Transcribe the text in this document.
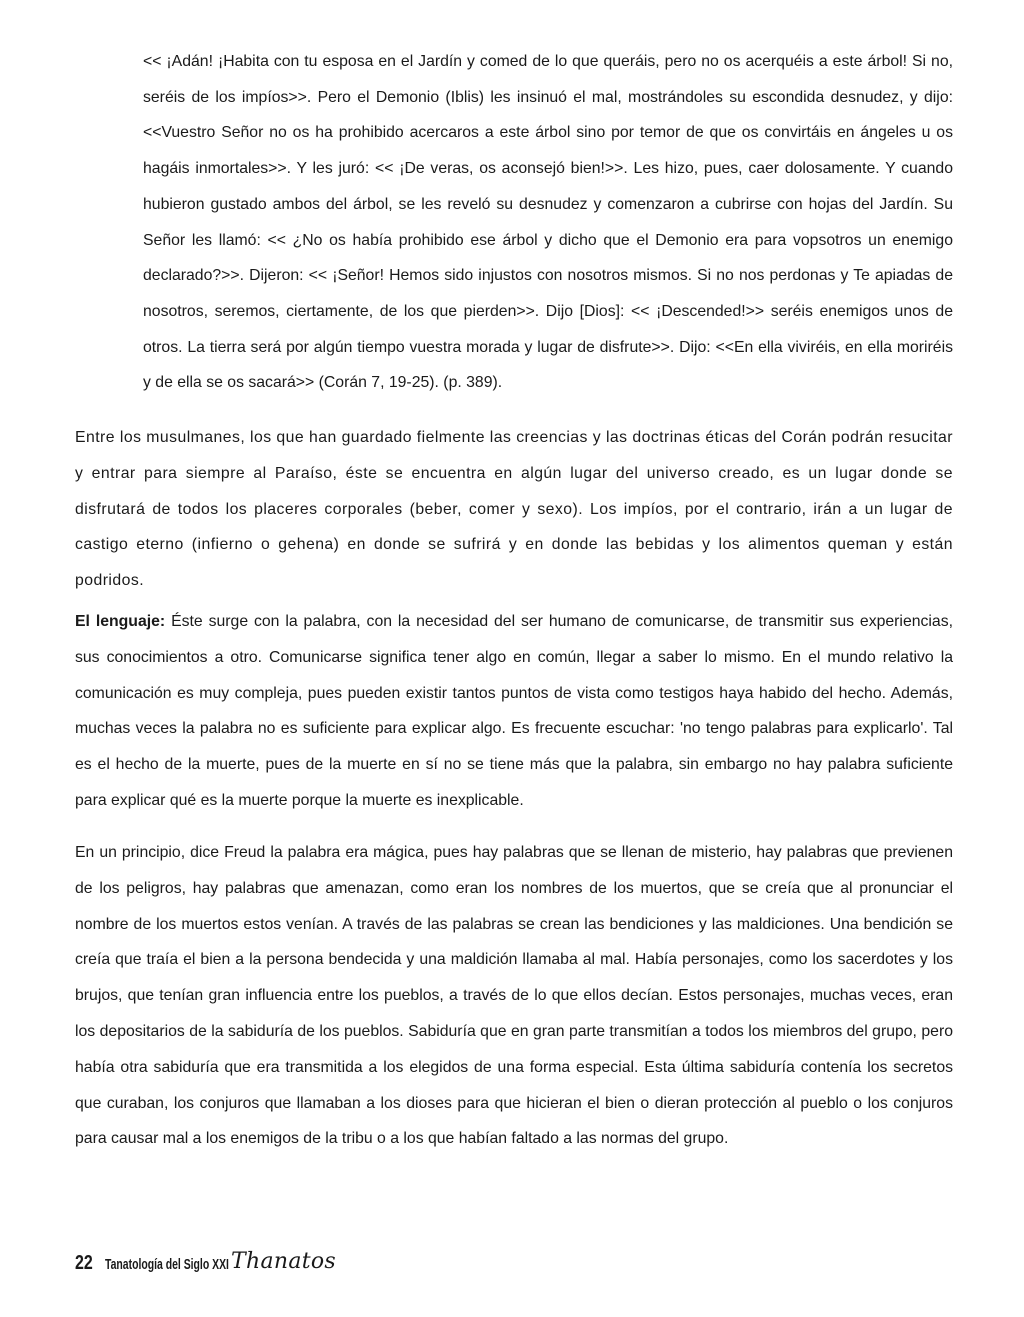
<< ¡Adán! ¡Habita con tu esposa en el Jardín y comed de lo que queráis, pero no os acerquéis a este árbol! Si no, seréis de los impíos>>. Pero el Demonio (Iblis) les insinuó el mal, mostrándoles su escondida desnudez, y dijo: <<Vuestro Señor no os ha prohibido acercaros a este árbol sino por temor de que os convirtáis en ángeles u os hagáis inmortales>>. Y les juró: << ¡De veras, os aconsejó bien!>>. Les hizo, pues, caer dolosamente. Y cuando hubieron gustado ambos del árbol, se les reveló su desnudez y comenzaron a cubrirse con hojas del Jardín. Su Señor les llamó: << ¿No os había prohibido ese árbol y dicho que el Demonio era para vopsotros un enemigo declarado?>>. Dijeron: << ¡Señor! Hemos sido injustos con nosotros mismos. Si no nos perdonas y Te apiadas de nosotros, seremos, ciertamente, de los que pierden>>. Dijo [Dios]: << ¡Descended!>> seréis enemigos unos de otros. La tierra será por algún tiempo vuestra morada y lugar de disfrute>>. Dijo: <<En ella viviréis, en ella moriréis y de ella se os sacará>> (Corán 7, 19-25). (p. 389).

Entre los musulmanes, los que han guardado fielmente las creencias y las doctrinas éticas del Corán podrán resucitar y entrar para siempre al Paraíso, éste se encuentra en algún lugar del universo creado, es un lugar donde se disfrutará de todos los placeres corporales (beber, comer y sexo). Los impíos, por el contrario, irán a un lugar de castigo eterno (infierno o gehena) en donde se sufrirá y en donde las bebidas y los alimentos queman y están podridos.

El lenguaje: Éste surge con la palabra, con la necesidad del ser humano de comunicarse, de transmitir sus experiencias, sus conocimientos a otro. Comunicarse significa tener algo en común, llegar a saber lo mismo. En el mundo relativo la comunicación es muy compleja, pues pueden existir tantos puntos de vista como testigos haya habido del hecho. Además, muchas veces la palabra no es suficiente para explicar algo. Es frecuente escuchar: 'no tengo palabras para explicarlo'. Tal es el hecho de la muerte, pues de la muerte en sí no se tiene más que la palabra, sin embargo no hay palabra suficiente para explicar qué es la muerte porque la muerte es inexplicable.

En un principio, dice Freud la palabra era mágica, pues hay palabras que se llenan de misterio, hay palabras que previenen de los peligros, hay palabras que amenazan, como eran los nombres de los muertos, que se creía que al pronunciar el nombre de los muertos estos venían. A través de las palabras se crean las bendiciones y las maldiciones. Una bendición se creía que traía el bien a la persona bendecida y una maldición llamaba al mal. Había personajes, como los sacerdotes y los brujos, que tenían gran influencia entre los pueblos, a través de lo que ellos decían. Estos personajes, muchas veces, eran los depositarios de la sabiduría de los pueblos. Sabiduría que en gran parte transmitían a todos los miembros del grupo, pero había otra sabiduría que era transmitida a los elegidos de una forma especial. Esta última sabiduría contenía los secretos que curaban, los conjuros que llamaban a los dioses para que hicieran el bien o dieran protección al pueblo o los conjuros para causar mal a los enemigos de la tribu o a los que habían faltado a las normas del grupo.

22 Tanatología del Siglo XXI Thanatos
